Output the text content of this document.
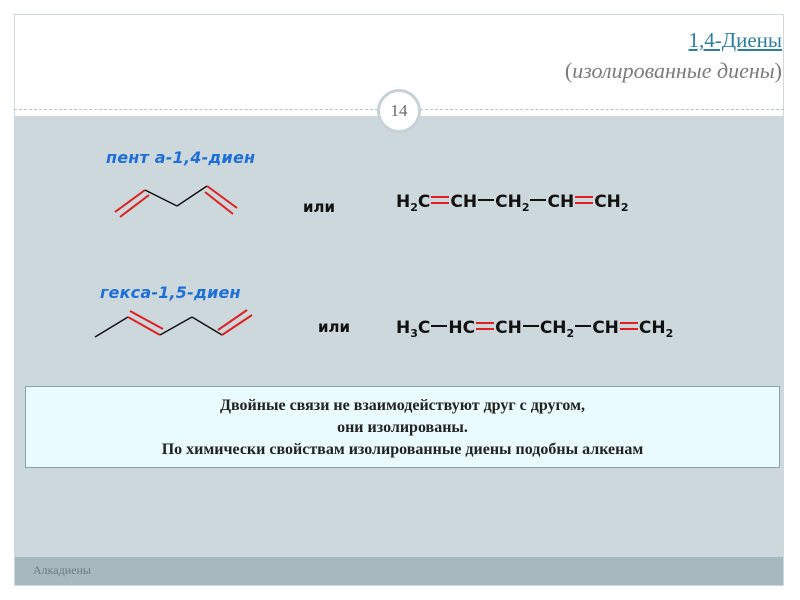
1,4-Диены
(изолированные диены)
Алкадиены
14
пент а-1,4-диен
или	$H_2C$ CH $CH_2$ CH $CH_2$
гекса-1,5-диен
или	$H_3C$ HC CH $CH_2$ CH $CH_2$
Двойные связи не взаимодействуют друг с другом,
они изолированы.
По химически свойствам изолированные диены подобны алкенам
